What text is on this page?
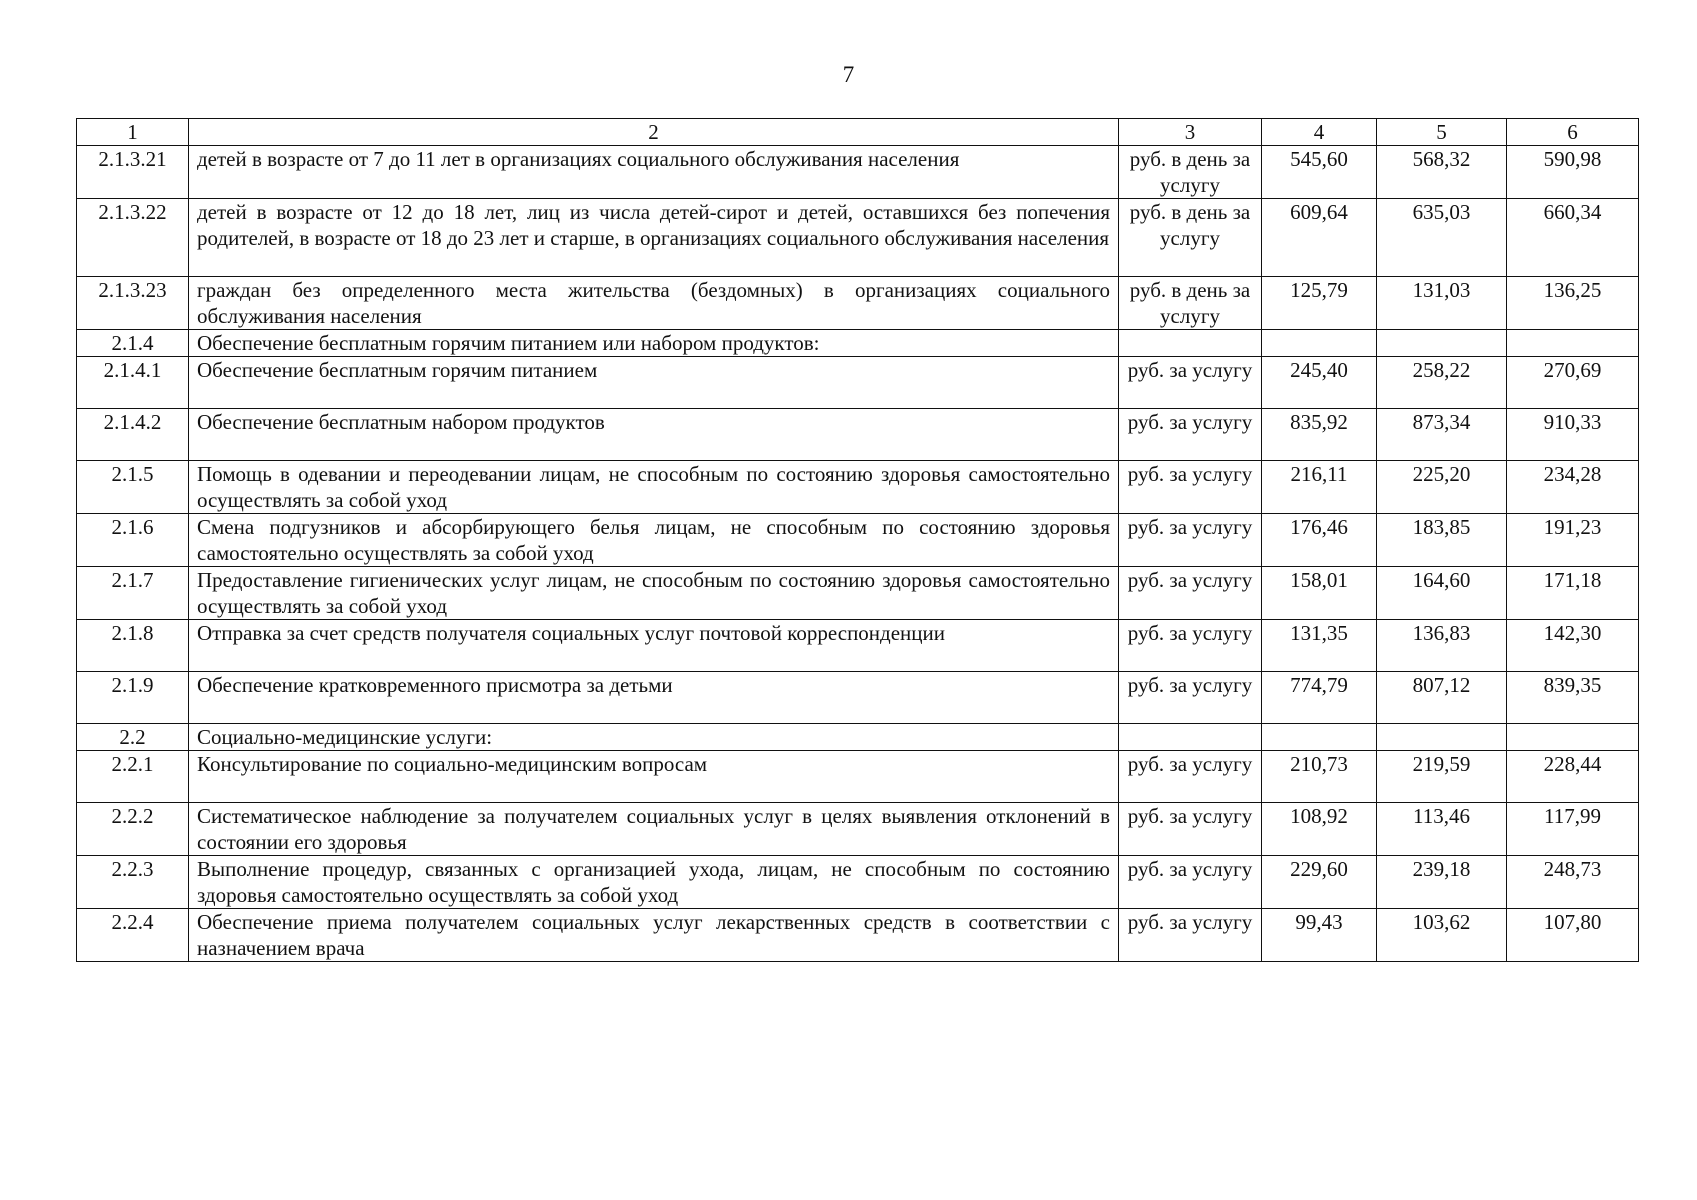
7
1	2	3	4	5	6
2.1.3.21	детей в возрасте от 7 до 11 лет в организациях социального обслуживания населения	руб. в день за услугу	545,60	568,32	590,98
2.1.3.22	детей в возрасте от 12 до 18 лет, лиц из числа детей-сирот и детей, оставшихся без попечения родителей, в возрасте от 18 до 23 лет и старше, в организациях социального обслуживания населения	руб. в день за услугу	609,64	635,03	660,34
2.1.3.23	граждан без определенного места жительства (бездомных) в организациях социального обслуживания населения	руб. в день за услугу	125,79	131,03	136,25
2.1.4	Обеспечение бесплатным горячим питанием или набором продуктов:				
2.1.4.1	Обеспечение бесплатным горячим питанием	руб. за услугу	245,40	258,22	270,69
2.1.4.2	Обеспечение бесплатным набором продуктов	руб. за услугу	835,92	873,34	910,33
2.1.5	Помощь в одевании и переодевании лицам, не способным по состоянию здоровья самостоятельно осуществлять за собой уход	руб. за услугу	216,11	225,20	234,28
2.1.6	Смена подгузников и абсорбирующего белья лицам, не способным по состоянию здоровья самостоятельно осуществлять за собой уход	руб. за услугу	176,46	183,85	191,23
2.1.7	Предоставление гигиенических услуг лицам, не способным по состоянию здоровья самостоятельно осуществлять за собой уход	руб. за услугу	158,01	164,60	171,18
2.1.8	Отправка за счет средств получателя социальных услуг почтовой корреспонденции	руб. за услугу	131,35	136,83	142,30
2.1.9	Обеспечение кратковременного присмотра за детьми	руб. за услугу	774,79	807,12	839,35
2.2	Социально-медицинские услуги:				
2.2.1	Консультирование по социально-медицинским вопросам	руб. за услугу	210,73	219,59	228,44
2.2.2	Систематическое наблюдение за получателем социальных услуг в целях выявления отклонений в состоянии его здоровья	руб. за услугу	108,92	113,46	117,99
2.2.3	Выполнение процедур, связанных с организацией ухода, лицам, не способным по состоянию здоровья самостоятельно осуществлять за собой уход	руб. за услугу	229,60	239,18	248,73
2.2.4	Обеспечение приема получателем социальных услуг лекарственных средств в соответствии с назначением врача	руб. за услугу	99,43	103,62	107,80
